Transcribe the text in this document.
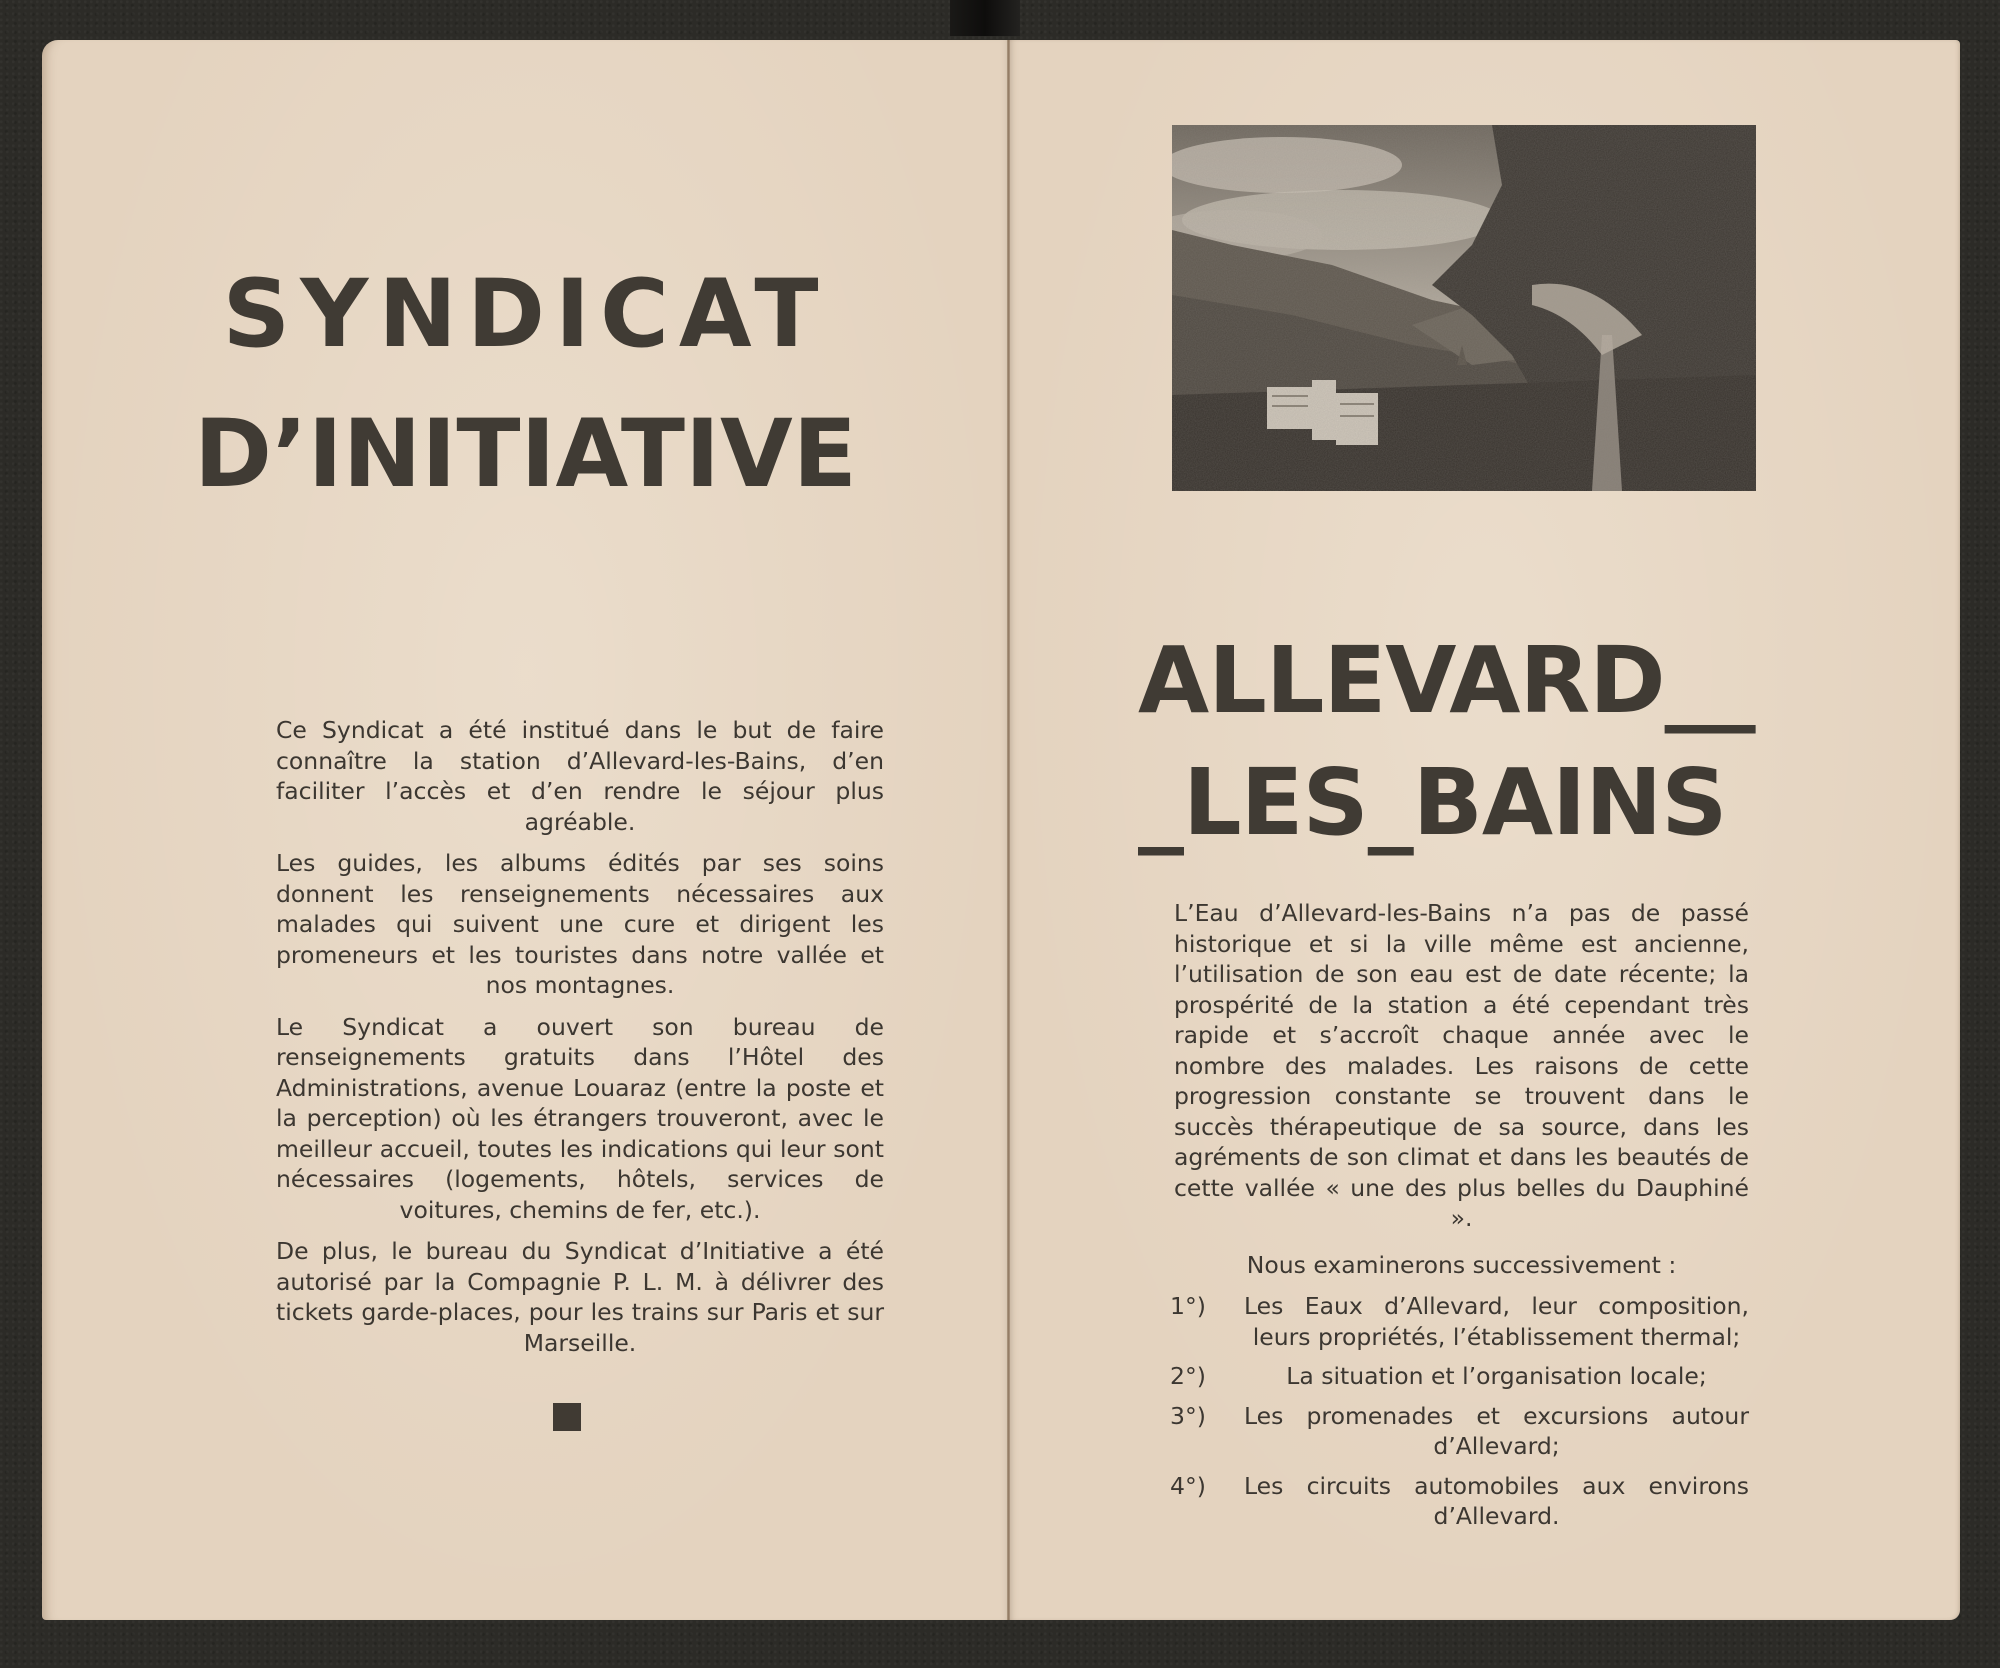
SYNDICAT
D’INITIATIVE

Ce Syndicat a été institué dans le but de faire connaître la station d’Allevard-les-Bains, d’en faciliter l’accès et d’en rendre le séjour plus agréable.

Les guides, les albums édités par ses soins donnent les renseignements nécessaires aux malades qui suivent une cure et dirigent les promeneurs et les touristes dans notre vallée et nos montagnes.

Le Syndicat a ouvert son bureau de renseignements gratuits dans l’Hôtel des Administrations, avenue Louaraz (entre la poste et la perception) où les étrangers trouveront, avec le meilleur accueil, toutes les indications qui leur sont nécessaires (logements, hôtels, services de voitures, chemins de fer, etc.).

De plus, le bureau du Syndicat d’Initiative a été autorisé par la Compagnie P. L. M. à délivrer des tickets garde-places, pour les trains sur Paris et sur Marseille.

ALLEVARD__
_LES_BAINS

L’Eau d’Allevard-les-Bains n’a pas de passé historique et si la ville même est ancienne, l’utilisation de son eau est de date récente; la prospérité de la station a été cependant très rapide et s’accroît chaque année avec le nombre des malades. Les raisons de cette progression constante se trouvent dans le succès thérapeutique de sa source, dans les agréments de son climat et dans les beautés de cette vallée « une des plus belles du Dauphiné ».

Nous examinerons successivement :

1°) Les Eaux d’Allevard, leur composition, leurs propriétés, l’établissement thermal;
2°)	La situation et l’organisation locale;
3°) Les promenades et excursions autour d’Allevard;
4°) Les circuits automobiles aux environs d’Allevard.
